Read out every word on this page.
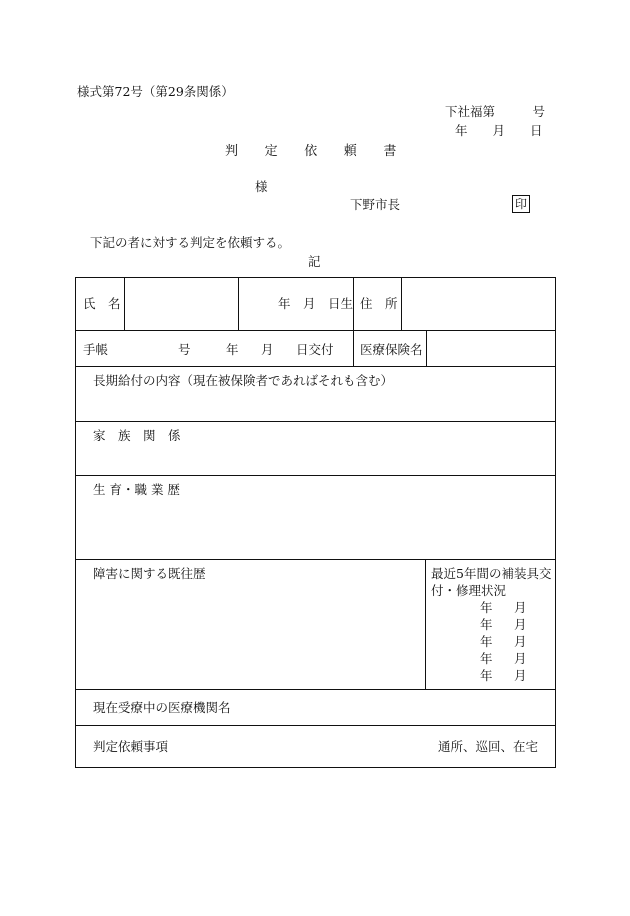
様式第72号（第29条関係）
下社福第　　　号
年　　月　　日
判　　定　　依　　頼　　書
様
下野市長	印
下記の者に対する判定を依頼する。
記
氏　名	年　月　日生 住　所
手帳	号	年 月 日交付 医療保険名
長期給付の内容（現在被保険者であればそれも含む）
家　族　関　係
生 育・職 業 歴
障害に関する既往歴	最近5年間の補装具交
付・修理状況
年 月
年 月
年 月
年 月
年 月
現在受療中の医療機関名
判定依頼事項	通所、巡回、在宅
